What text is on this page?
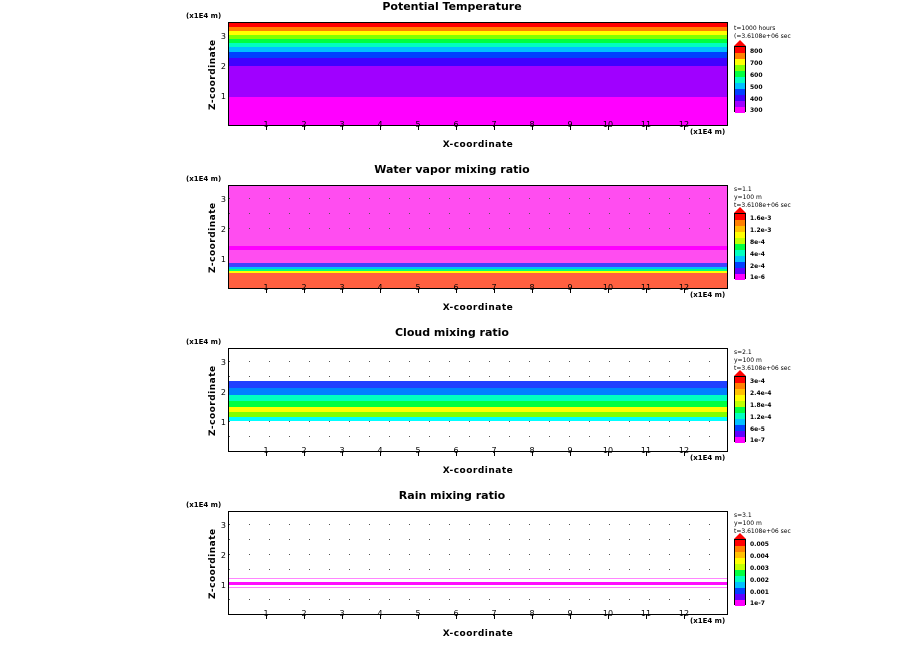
Potential Temperature
(x1E4 m)
1	2	3	4	5	6	7	8	9	10	11	12
1
2
3
X-coordinate
(x1E4 m)
Z-coordinate
t=1000 hours
(=3.6108e+06 sec
800
700
600
500
400
300
Water vapor mixing ratio
(x1E4 m)
1	2	3	4	5	6	7	8	9	10	11	12
1
2
3
X-coordinate
(x1E4 m)
Z-coordinate
s=1.1
y=100 m
t=3.6108e+06 sec
1.6e-3
1.2e-3
8e-4
4e-4
2e-4
1e-6
Cloud mixing ratio
(x1E4 m)
1	2	3	4	5	6	7	8	9	10	11	12
1
2
3
X-coordinate
(x1E4 m)
Z-coordinate
s=2.1
y=100 m
t=3.6108e+06 sec
3e-4
2.4e-4
1.8e-4
1.2e-4
6e-5
1e-7
Rain mixing ratio
(x1E4 m)
1	2	3	4	5	6	7	8	9	10	11	12
1
2
3
X-coordinate
(x1E4 m)
Z-coordinate
s=3.1
y=100 m
t=3.6108e+06 sec
0.005
0.004
0.003
0.002
0.001
1e-7
